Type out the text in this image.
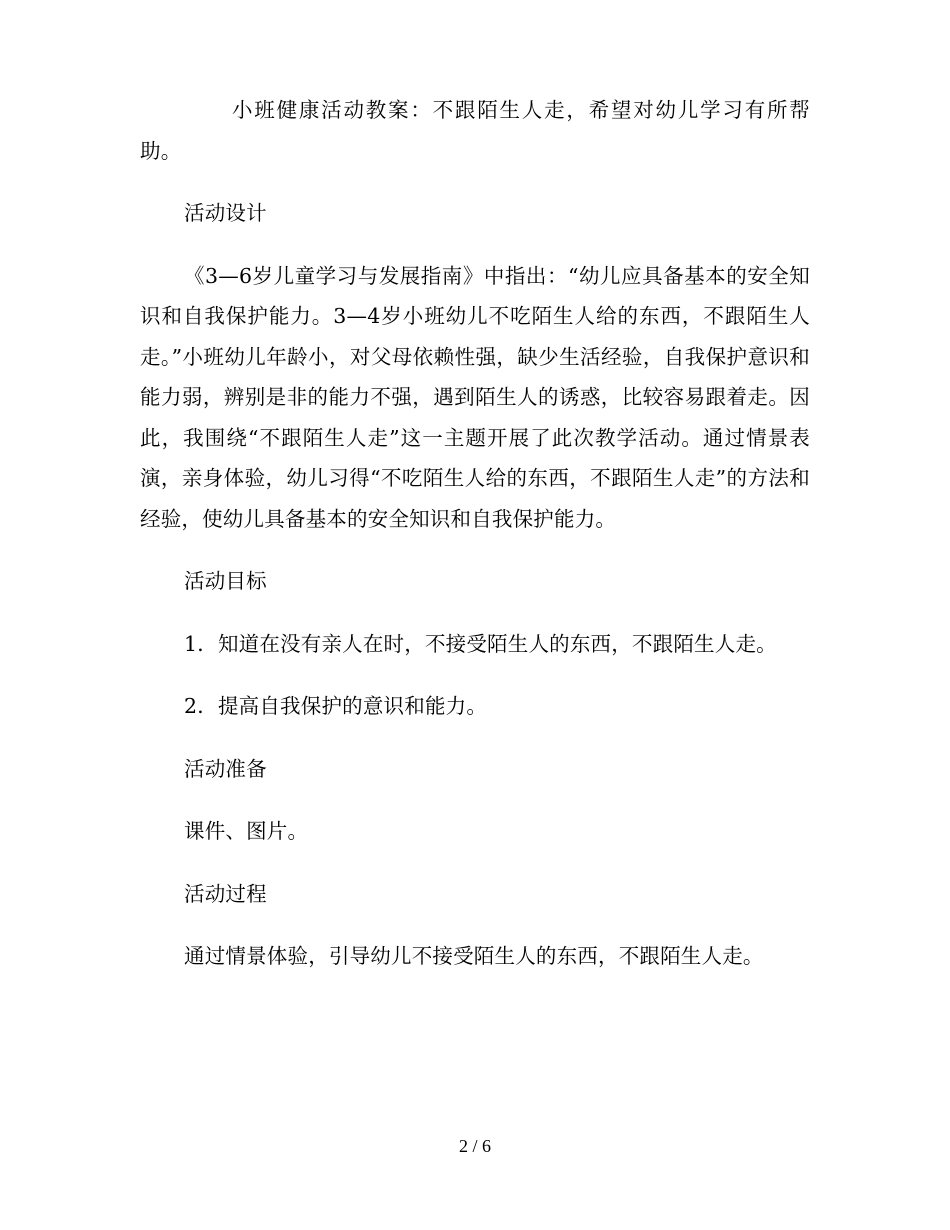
小班健康活动教案：不跟陌生人走，希望对幼儿学习有所帮助。

活动设计

《3—6岁儿童学习与发展指南》中指出：“幼儿应具备基本的安全知识和自我保护能力。3—4岁小班幼儿不吃陌生人给的东西，不跟陌生人走。”小班幼儿年龄小，对父母依赖性强，缺少生活经验，自我保护意识和能力弱，辨别是非的能力不强，遇到陌生人的诱惑，比较容易跟着走。因此，我围绕“不跟陌生人走”这一主题开展了此次教学活动。通过情景表演，亲身体验，幼儿习得“不吃陌生人给的东西，不跟陌生人走”的方法和经验，使幼儿具备基本的安全知识和自我保护能力。

活动目标

1．知道在没有亲人在时，不接受陌生人的东西，不跟陌生人走。

2．提高自我保护的意识和能力。

活动准备

课件、图片。

活动过程

通过情景体验，引导幼儿不接受陌生人的东西，不跟陌生人走。

2 / 6
